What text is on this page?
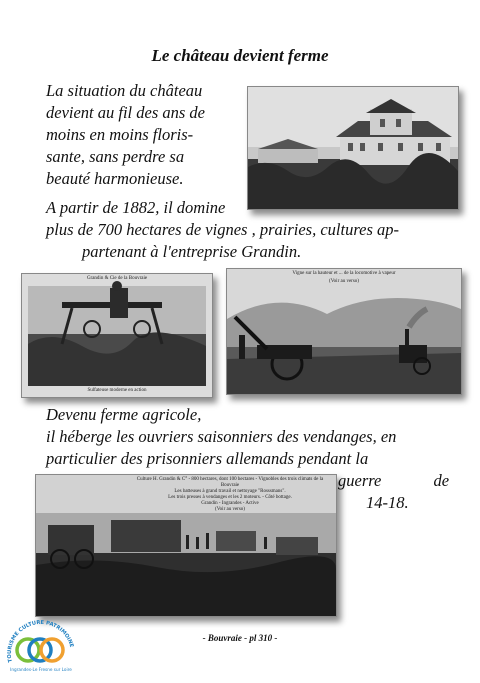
Le château devient ferme
La situation du château
devient au fil des ans de
moins en moins floris-
sante, sans perdre sa
beauté harmonieuse.
A partir de 1882, il domine
plus de 700 hectares de vignes , prairies, cultures ap-
partenant à l'entreprise Grandin.
Grandin & Cie de la Bouvraie
Sulfateuse moderne en action
Vigne sur la hauteur et ... de la locomotive à vapeur
(Voir au verso)
Devenu ferme agricole,
il héberge les ouvriers saisonniers des vendanges, en
particulier des prisonniers allemands pendant la
guerre de
14-18.
Culture H. Grandin & C° - 800 hectares, dont 100 hectares - Vignobles des trois climats de la Bouvraie
Les batteuses à grand travail et nettoyage "Rosssmans".
Les trois presses à vendanges et les 2 moteurs. - Côté bottage.
Grandin - Ingrandes - Active
(Voir au verso)
TOURISME CULTURE PATRIMOINE
Ingrandes-Le Fresne sur Loire
- Bouvraie - pl 310 -
